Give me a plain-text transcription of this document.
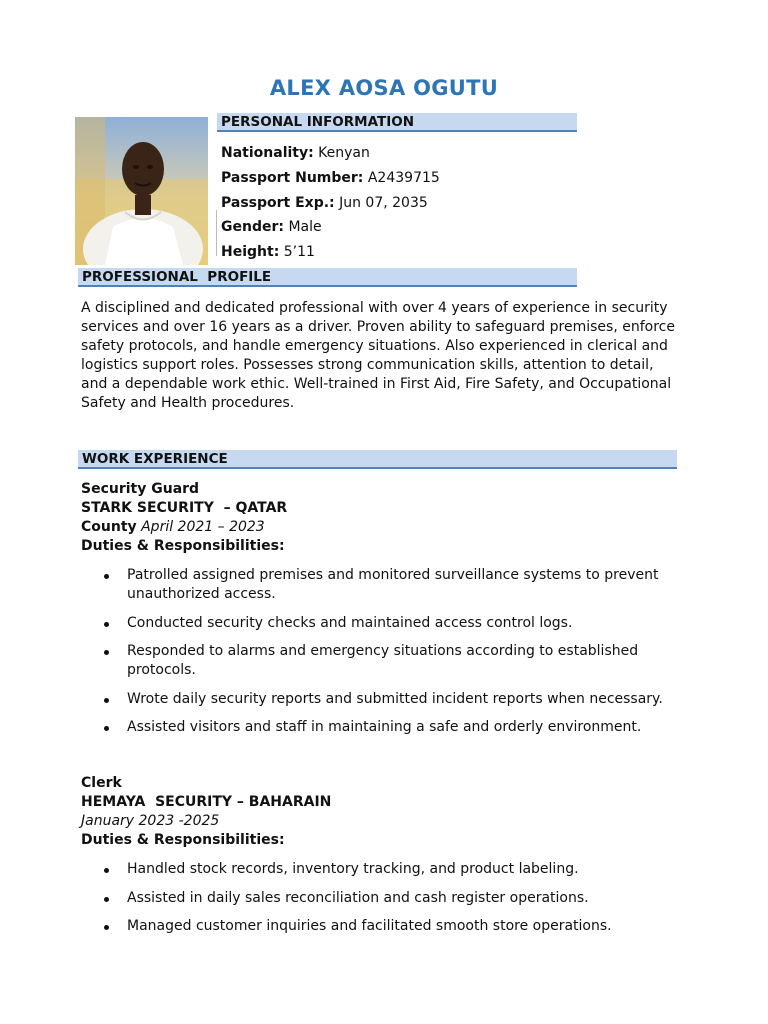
ALEX AOSA OGUTU
PERSONAL INFORMATION
Nationality: Kenyan
Passport Number: A2439715
Passport Exp.: Jun 07, 2035
Gender: Male
Height: 5’11
PROFESSIONAL  PROFILE
A disciplined and dedicated professional with over 4 years of experience in security services and over 16 years as a driver. Proven ability to safeguard premises, enforce safety protocols, and handle emergency situations. Also experienced in clerical and logistics support roles. Possesses strong communication skills, attention to detail, and a dependable work ethic. Well-trained in First Aid, Fire Safety, and Occupational Safety and Health procedures.
WORK EXPERIENCE
Security Guard
STARK SECURITY  – QATAR
County April 2021 – 2023
Duties & Responsibilities:
Patrolled assigned premises and monitored surveillance systems to prevent unauthorized access.
Conducted security checks and maintained access control logs.
Responded to alarms and emergency situations according to established protocols.
Wrote daily security reports and submitted incident reports when necessary.
Assisted visitors and staff in maintaining a safe and orderly environment.
Clerk
HEMAYA  SECURITY – BAHARAIN
January 2023 -2025
Duties & Responsibilities:
Handled stock records, inventory tracking, and product labeling.
Assisted in daily sales reconciliation and cash register operations.
Managed customer inquiries and facilitated smooth store operations.
